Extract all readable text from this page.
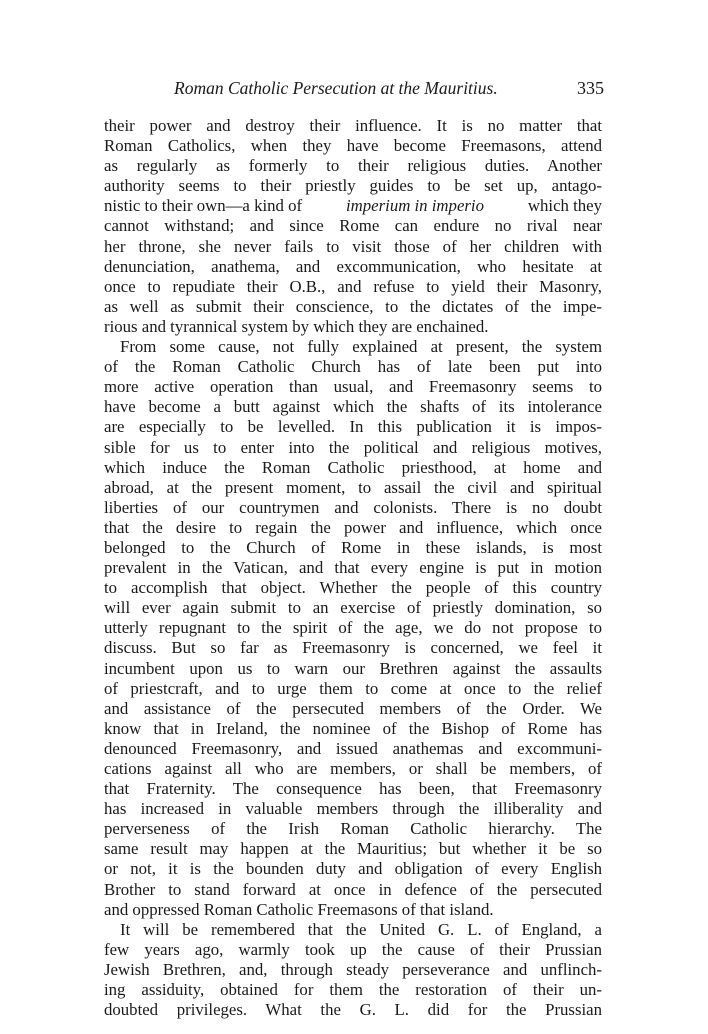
Roman Catholic Persecution at the Mauritius.	335
their power and destroy their influence. It is no matter that
Roman Catholics, when they have become Freemasons, attend
as regularly as formerly to their religious duties. Another
authority seems to their priestly guides to be set up, antago-
nistic to their own—a kind of imperium in imperio which they
cannot withstand; and since Rome can endure no rival near
her throne, she never fails to visit those of her children with
denunciation, anathema, and excommunication, who hesitate at
once to repudiate their O.B., and refuse to yield their Masonry,
as well as submit their conscience, to the dictates of the impe-
rious and tyrannical system by which they are enchained.
From some cause, not fully explained at present, the system
of the Roman Catholic Church has of late been put into
more active operation than usual, and Freemasonry seems to
have become a butt against which the shafts of its intolerance
are especially to be levelled. In this publication it is impos-
sible for us to enter into the political and religious motives,
which induce the Roman Catholic priesthood, at home and
abroad, at the present moment, to assail the civil and spiritual
liberties of our countrymen and colonists. There is no doubt
that the desire to regain the power and influence, which once
belonged to the Church of Rome in these islands, is most
prevalent in the Vatican, and that every engine is put in motion
to accomplish that object. Whether the people of this country
will ever again submit to an exercise of priestly domination, so
utterly repugnant to the spirit of the age, we do not propose to
discuss. But so far as Freemasonry is concerned, we feel it
incumbent upon us to warn our Brethren against the assaults
of priestcraft, and to urge them to come at once to the relief
and assistance of the persecuted members of the Order. We
know that in Ireland, the nominee of the Bishop of Rome has
denounced Freemasonry, and issued anathemas and excommuni-
cations against all who are members, or shall be members, of
that Fraternity. The consequence has been, that Freemasonry
has increased in valuable members through the illiberality and
perverseness of the Irish Roman Catholic hierarchy. The
same result may happen at the Mauritius; but whether it be so
or not, it is the bounden duty and obligation of every English
Brother to stand forward at once in defence of the persecuted
and oppressed Roman Catholic Freemasons of that island.
It will be remembered that the United G. L. of England, a
few years ago, warmly took up the cause of their Prussian
Jewish Brethren, and, through steady perseverance and unflinch-
ing assiduity, obtained for them the restoration of their un-
doubted privileges. What the G. L. did for the Prussian
